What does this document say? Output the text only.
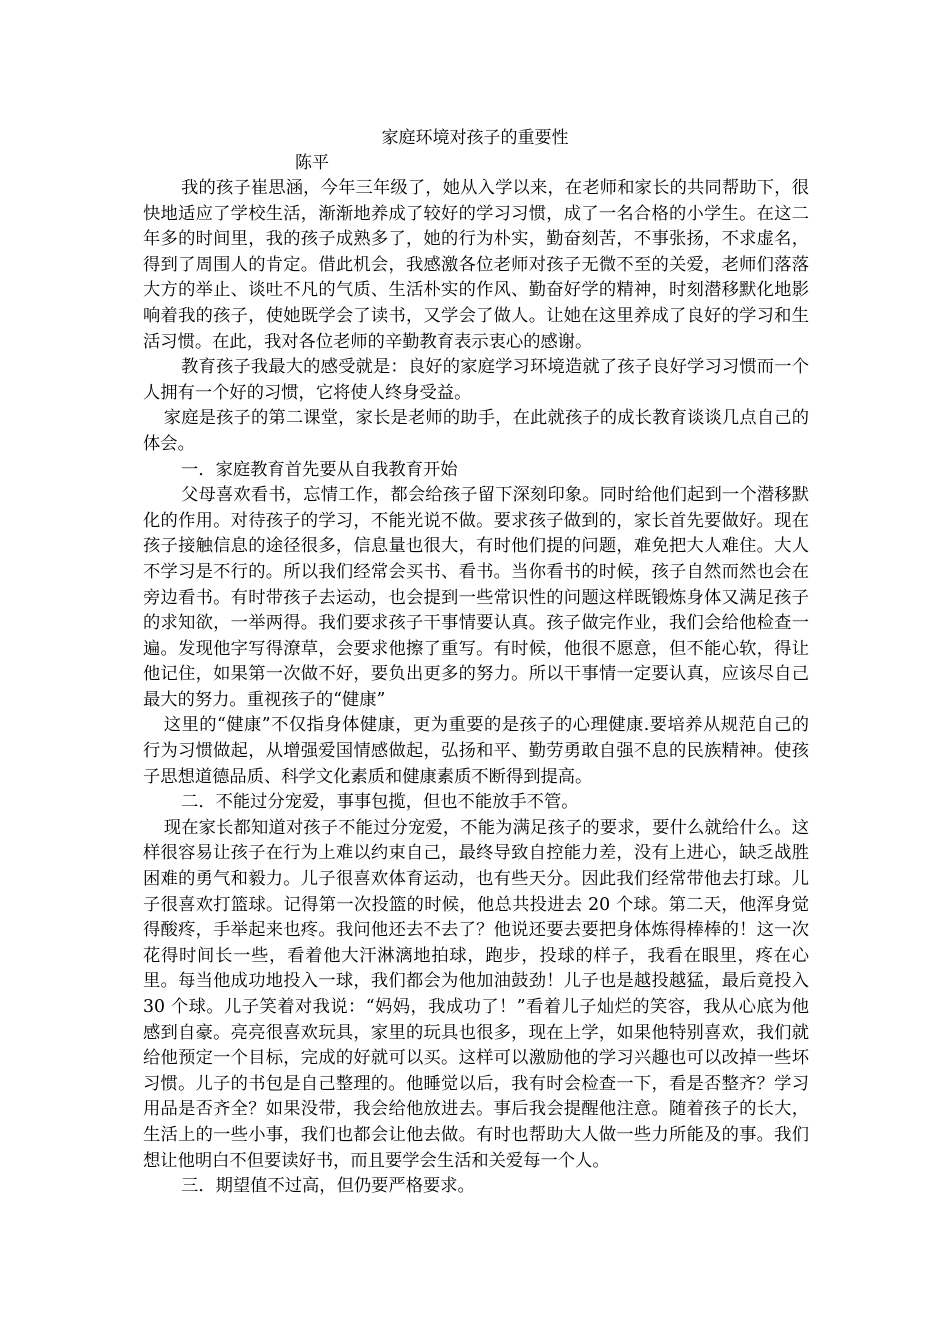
家庭环境对孩子的重要性
陈平

我的孩子崔思涵，今年三年级了，她从入学以来，在老师和家长的共同帮助下，很快地适应了学校生活，渐渐地养成了较好的学习习惯，成了一名合格的小学生。在这二年多的时间里，我的孩子成熟多了，她的行为朴实，勤奋刻苦，不事张扬，不求虚名，得到了周围人的肯定。借此机会，我感激各位老师对孩子无微不至的关爱，老师们落落大方的举止、谈吐不凡的气质、生活朴实的作风、勤奋好学的精神，时刻潜移默化地影响着我的孩子，使她既学会了读书，又学会了做人。让她在这里养成了良好的学习和生活习惯。在此，我对各位老师的辛勤教育表示衷心的感谢。

教育孩子我最大的感受就是：良好的家庭学习环境造就了孩子良好学习习惯而一个人拥有一个好的习惯，它将使人终身受益。

家庭是孩子的第二课堂，家长是老师的助手，在此就孩子的成长教育谈谈几点自己的体会。

一．家庭教育首先要从自我教育开始

父母喜欢看书，忘情工作，都会给孩子留下深刻印象。同时给他们起到一个潜移默化的作用。对待孩子的学习，不能光说不做。要求孩子做到的，家长首先要做好。现在孩子接触信息的途径很多，信息量也很大，有时他们提的问题，难免把大人难住。大人不学习是不行的。所以我们经常会买书、看书。当你看书的时候，孩子自然而然也会在旁边看书。有时带孩子去运动，也会提到一些常识性的问题这样既锻炼身体又满足孩子的求知欲，一举两得。我们要求孩子干事情要认真。孩子做完作业，我们会给他检查一遍。发现他字写得潦草，会要求他擦了重写。有时候，他很不愿意，但不能心软，得让他记住，如果第一次做不好，要负出更多的努力。所以干事情一定要认真，应该尽自己最大的努力。重视孩子的“健康”

这里的“健康”不仅指身体健康，更为重要的是孩子的心理健康.要培养从规范自己的行为习惯做起，从增强爱国情感做起，弘扬和平、勤劳勇敢自强不息的民族精神。使孩子思想道德品质、科学文化素质和健康素质不断得到提高。

二．不能过分宠爱，事事包揽，但也不能放手不管。

现在家长都知道对孩子不能过分宠爱，不能为满足孩子的要求，要什么就给什么。这样很容易让孩子在行为上难以约束自己，最终导致自控能力差，没有上进心，缺乏战胜困难的勇气和毅力。儿子很喜欢体育运动，也有些天分。因此我们经常带他去打球。儿子很喜欢打篮球。记得第一次投篮的时候，他总共投进去 20 个球。第二天，他浑身觉得酸疼，手举起来也疼。我问他还去不去了？他说还要去要把身体炼得棒棒的！这一次花得时间长一些，看着他大汗淋漓地拍球，跑步，投球的样子，我看在眼里，疼在心里。每当他成功地投入一球，我们都会为他加油鼓劲！儿子也是越投越猛，最后竟投入 30 个球。儿子笑着对我说：“妈妈，我成功了！”看着儿子灿烂的笑容，我从心底为他感到自豪。亮亮很喜欢玩具，家里的玩具也很多，现在上学，如果他特别喜欢，我们就给他预定一个目标，完成的好就可以买。这样可以激励他的学习兴趣也可以改掉一些坏习惯。儿子的书包是自己整理的。他睡觉以后，我有时会检查一下，看是否整齐？学习用品是否齐全？如果没带，我会给他放进去。事后我会提醒他注意。随着孩子的长大，生活上的一些小事，我们也都会让他去做。有时也帮助大人做一些力所能及的事。我们想让他明白不但要读好书，而且要学会生活和关爱每一个人。

三．期望值不过高，但仍要严格要求。
